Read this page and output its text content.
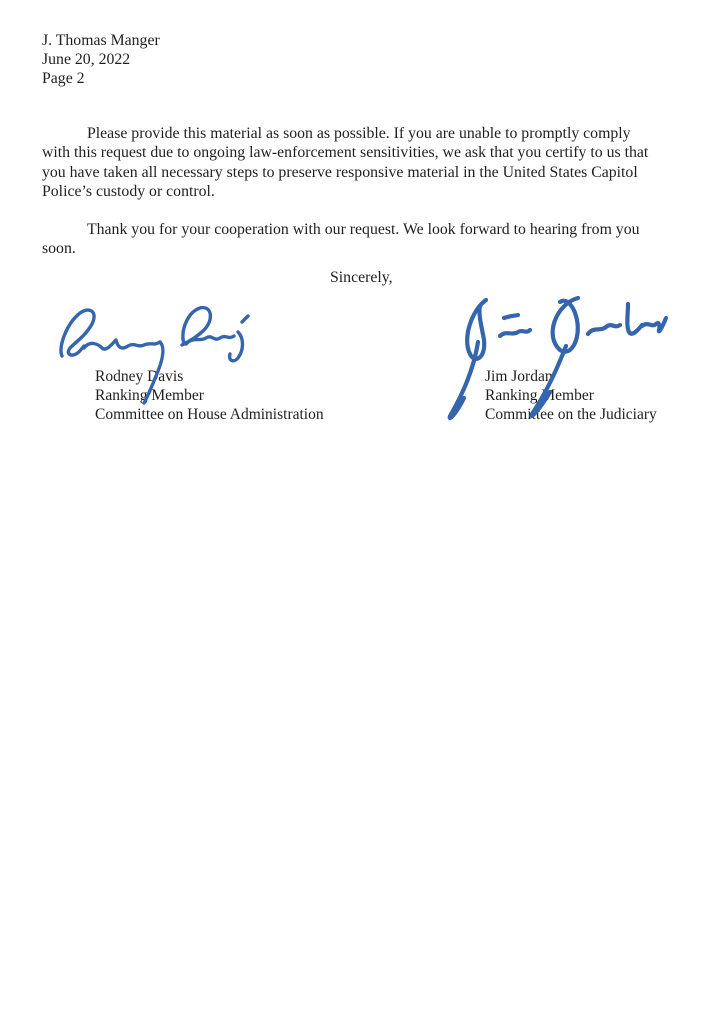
J. Thomas Manger
June 20, 2022
Page 2
Please provide this material as soon as possible. If you are unable to promptly comply
with this request due to ongoing law-enforcement sensitivities, we ask that you certify to us that
you have taken all necessary steps to preserve responsive material in the United States Capitol
Police’s custody or control.
Thank you for your cooperation with our request. We look forward to hearing from you
soon.
Sincerely,
Rodney Davis
Ranking Member
Committee on House Administration
Jim Jordan
Ranking Member
Committee on the Judiciary
